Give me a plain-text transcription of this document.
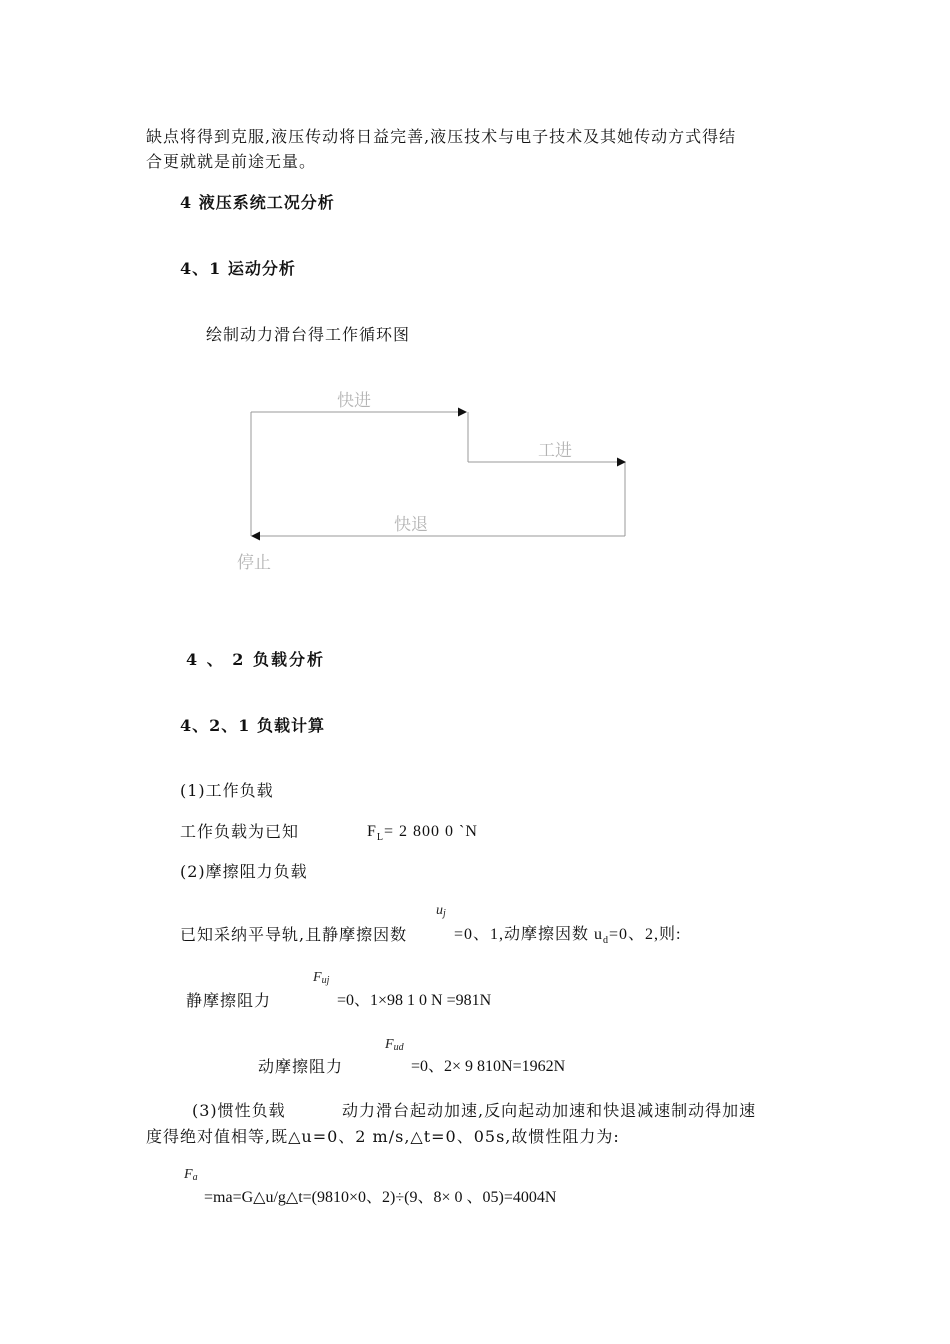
缺点将得到克服,液压传动将日益完善,液压技术与电子技术及其她传动方式得结
合更就就是前途无量。
4 液压系统工况分析
4、1 运动分析
绘制动力滑台得工作循环图
快进
工进
快退
停止
4 、 2 负载分析
4、2、1 负载计算
(1)工作负载
工作负载为已知	$F_L= 2$ 800 0 `N
(2)摩擦阻力负载
$u_j$
已知采纳平导轨,且静摩擦因数	=0、1,动摩擦因数 $u_d=0$、2,则:
$F_{uj}$
静摩擦阻力	=0、1×98 1 0 N =981N
$F_{ud}$
动摩擦阻力	=0、2× 9 810N=1962N
(3)惯性负载	动力滑台起动加速,反向起动加速和快退减速制动得加速
度得绝对值相等,既△u=0、2 m/s,△t=0、05s,故惯性阻力为:
$F_a$
=ma=G△u/g△t=(9810×0、2)÷(9、8× 0 、05)=4004N
